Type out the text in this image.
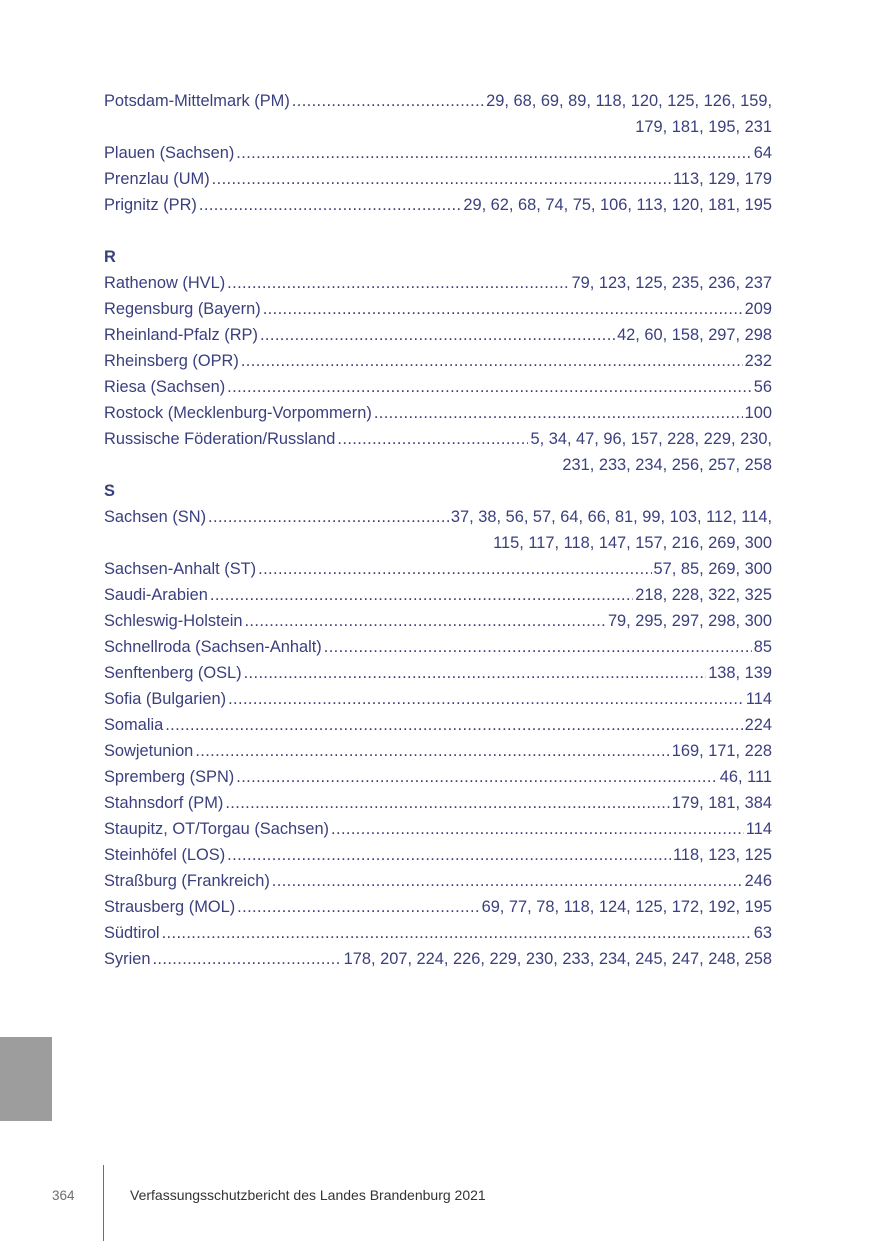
Potsdam-Mittelmark (PM) .....	29, 68, 69, 89, 118, 120, 125, 126, 159,
179, 181, 195, 231
Plauen (Sachsen) .....	64
Prenzlau (UM) .....	113, 129, 179
Prignitz (PR) .....	29, 62, 68, 74, 75, 106, 113, 120, 181, 195
R
Rathenow (HVL) .....	79, 123, 125, 235, 236, 237
Regensburg (Bayern) .....	209
Rheinland-Pfalz (RP) .....	42, 60, 158, 297, 298
Rheinsberg (OPR) .....	232
Riesa (Sachsen) .....	56
Rostock (Mecklenburg-Vorpommern) .....	100
Russische Föderation/Russland .....	5, 34, 47, 96, 157, 228, 229, 230,
231, 233, 234, 256, 257, 258
S
Sachsen (SN) .....	37, 38, 56, 57, 64, 66, 81, 99, 103, 112, 114,
115, 117, 118, 147, 157, 216, 269, 300
Sachsen-Anhalt (ST) .....	57, 85, 269, 300
Saudi-Arabien .....	218, 228, 322, 325
Schleswig-Holstein .....	79, 295, 297, 298, 300
Schnellroda (Sachsen-Anhalt) .....	85
Senftenberg (OSL) .....	138, 139
Sofia (Bulgarien) .....	114
Somalia .....	224
Sowjetunion .....	169, 171, 228
Spremberg (SPN) .....	46, 111
Stahnsdorf (PM) .....	179, 181, 384
Staupitz, OT/Torgau (Sachsen) .....	114
Steinhöfel (LOS) .....	118, 123, 125
Straßburg (Frankreich) .....	246
Strausberg (MOL) .....	69, 77, 78, 118, 124, 125, 172, 192, 195
Südtirol .....	63
Syrien .....	178, 207, 224, 226, 229, 230, 233, 234, 245, 247, 248, 258
364	Verfassungsschutzbericht des Landes Brandenburg 2021
